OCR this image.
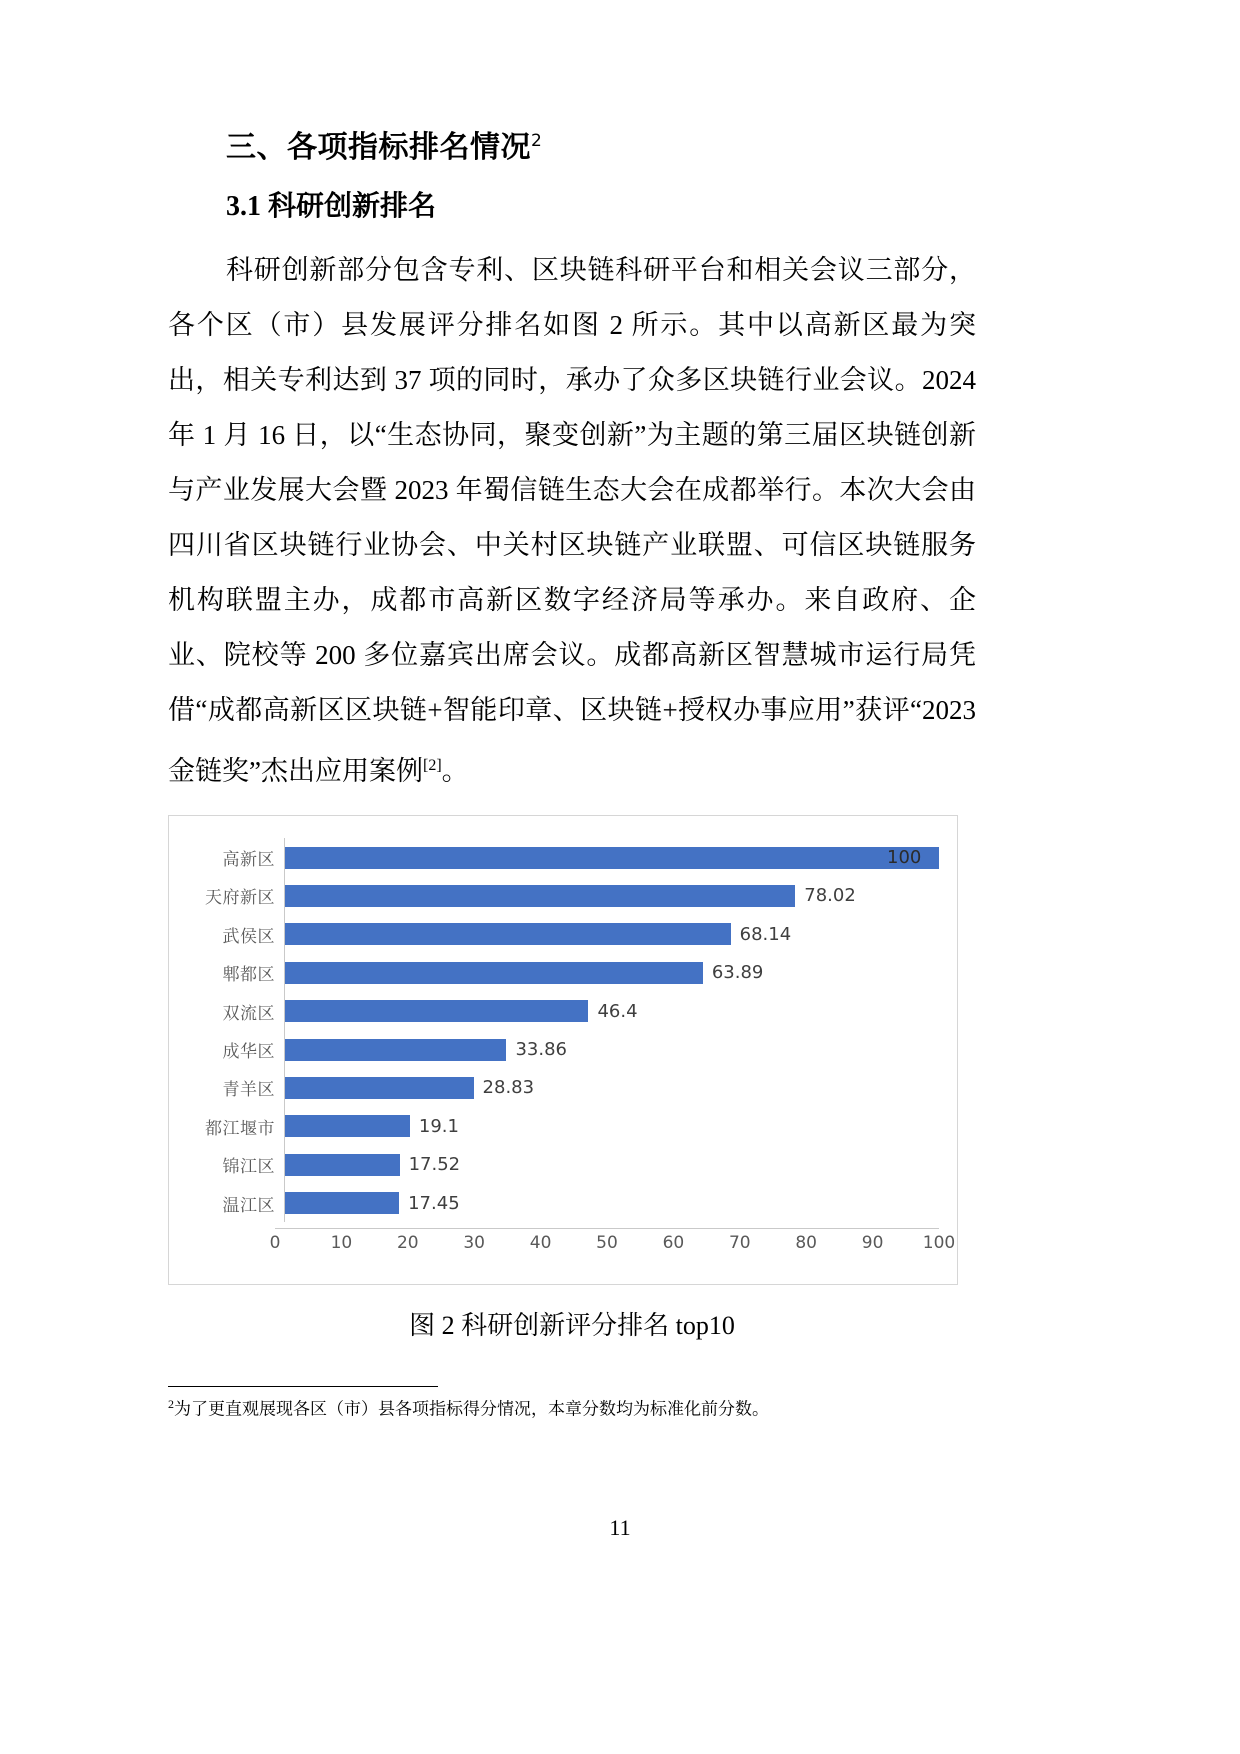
三、各项指标排名情况$^2$
3.1 科研创新排名

科研创新部分包含专利、区块链科研平台和相关会议三部分，各个区（市）县发展评分排名如图 2 所示。其中以高新区最为突出，相关专利达到 37 项的同时，承办了众多区块链行业会议。2024 年 1 月 16 日，以“生态协同，聚变创新”为主题的第三届区块链创新与产业发展大会暨 2023 年蜀信链生态大会在成都举行。本次大会由四川省区块链行业协会、中关村区块链产业联盟、可信区块链服务机构联盟主办，成都市高新区数字经济局等承办。来自政府、企业、院校等 200 多位嘉宾出席会议。成都高新区智慧城市运行局凭借“成都高新区区块链+智能印章、区块链+授权办事应用”获评“2023 金链奖”杰出应用案例[2]。

高新区	100
天府新区	78.02
武侯区	68.14
郫都区	63.89
双流区	46.4
成华区	33.86
青羊区	28.83
都江堰市	19.1
锦江区	17.52
温江区	17.45
0	10	20	30	40	50	60	70	80	90 100
图 2 科研创新评分排名 top10
$^2$为了更直观展现各区（市）县各项指标得分情况，本章分数均为标准化前分数。
11
